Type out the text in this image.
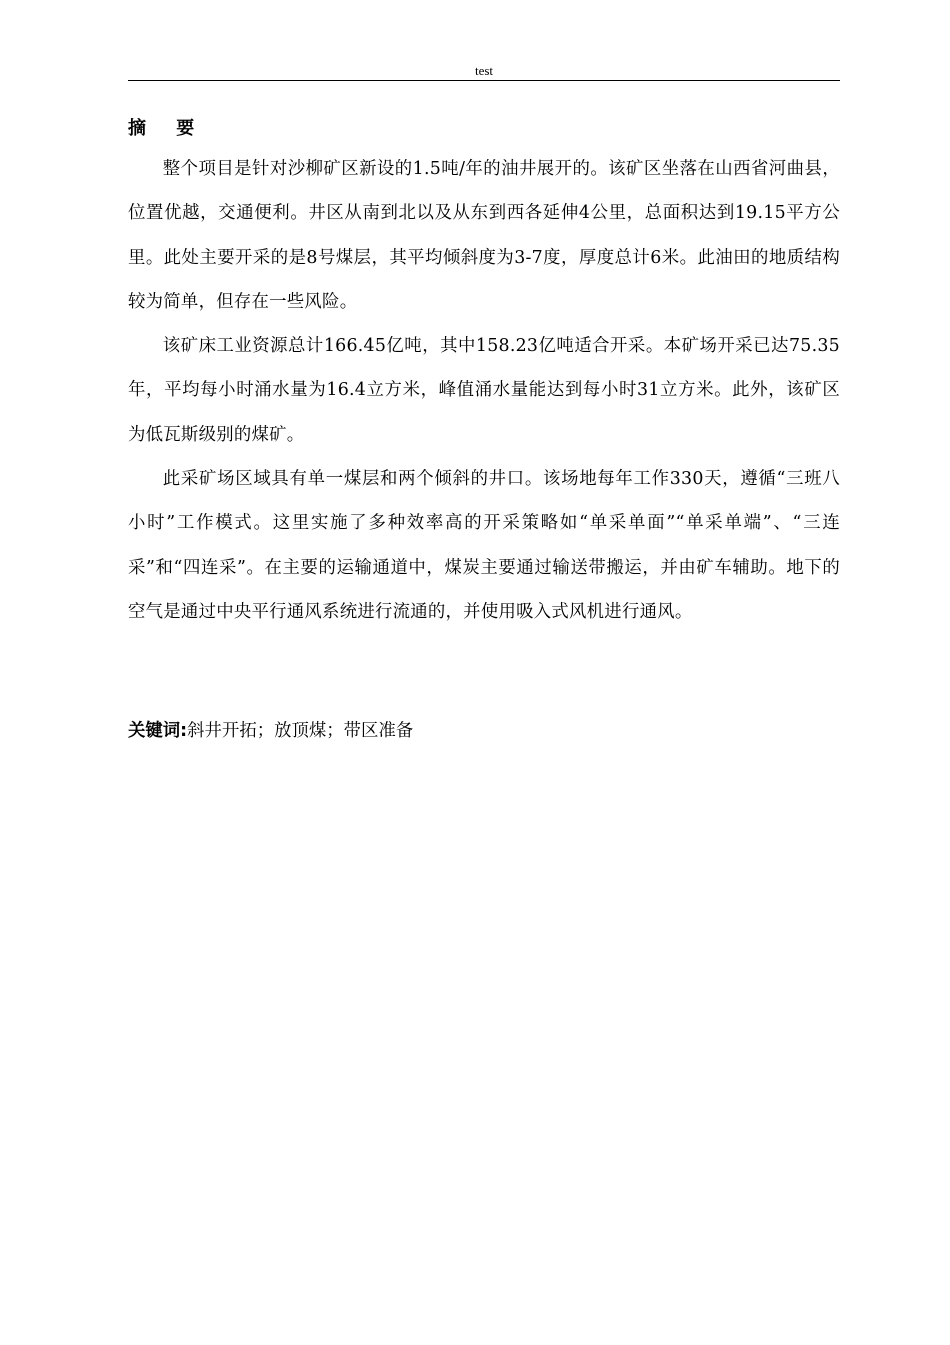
test
摘 要

整个项目是针对沙柳矿区新设的1.5吨/年的油井展开的。该矿区坐落在山西省河曲县，位置优越，交通便利。井区从南到北以及从东到西各延伸4公里，总面积达到19.15平方公里。此处主要开采的是8号煤层，其平均倾斜度为3-7度，厚度总计6米。此油田的地质结构较为简单，但存在一些风险。

该矿床工业资源总计166.45亿吨，其中158.23亿吨适合开采。本矿场开采已达75.35年，平均每小时涌水量为16.4立方米，峰值涌水量能达到每小时31立方米。此外，该矿区为低瓦斯级别的煤矿。

此采矿场区域具有单一煤层和两个倾斜的井口。该场地每年工作330天，遵循“三班八小时”工作模式。这里实施了多种效率高的开采策略如“单采单面”“单采单端”、“三连采”和“四连采”。在主要的运输通道中，煤炭主要通过输送带搬运，并由矿车辅助。地下的空气是通过中央平行通风系统进行流通的，并使用吸入式风机进行通风。

关键词:斜井开拓；放顶煤；带区准备
